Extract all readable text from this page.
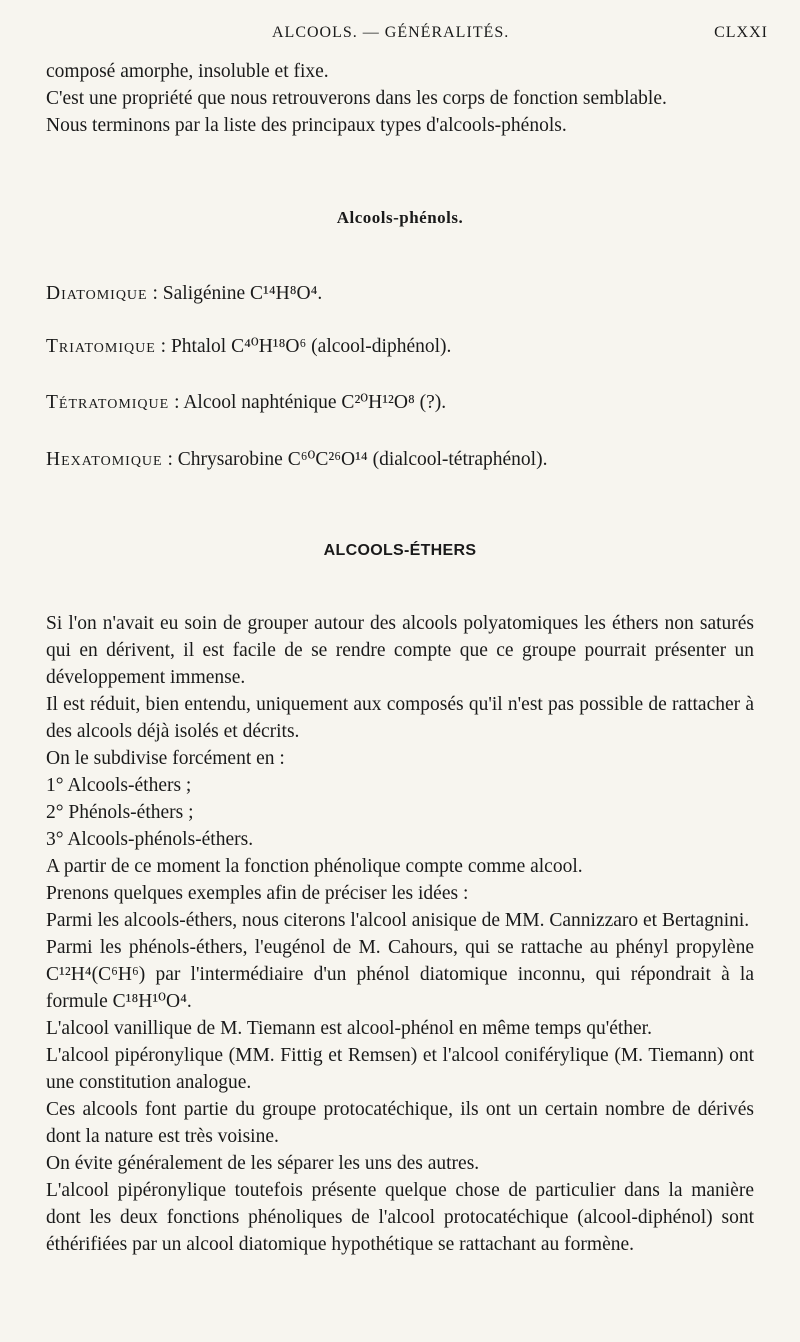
ALCOOLS. — GÉNÉRALITÉS.	CLXXI

composé amorphe, insoluble et fixe.

C'est une propriété que nous retrouverons dans les corps de fonction semblable.

Nous terminons par la liste des principaux types d'alcools-phénols.

Alcools-phénols.
Diatomique : Saligénine C¹⁴H⁸O⁴.
Triatomique : Phtalol C⁴⁰H¹⁸O⁶ (alcool-diphénol).
Tétratomique : Alcool naphténique C²⁰H¹²O⁸ (?).
Hexatomique : Chrysarobine C⁶⁰C²⁶O¹⁴ (dialcool-tétraphénol).
ALCOOLS-ÉTHERS

Si l'on n'avait eu soin de grouper autour des alcools polyatomiques les éthers non saturés qui en dérivent, il est facile de se rendre compte que ce groupe pourrait présenter un développement immense.

Il est réduit, bien entendu, uniquement aux composés qu'il n'est pas possible de rattacher à des alcools déjà isolés et décrits.

On le subdivise forcément en :

1° Alcools-éthers ;

2° Phénols-éthers ;

3° Alcools-phénols-éthers.

A partir de ce moment la fonction phénolique compte comme alcool.

Prenons quelques exemples afin de préciser les idées :

Parmi les alcools-éthers, nous citerons l'alcool anisique de MM. Cannizzaro et Bertagnini.

Parmi les phénols-éthers, l'eugénol de M. Cahours, qui se rattache au phényl propylène C¹²H⁴(C⁶H⁶) par l'intermédiaire d'un phénol diatomique inconnu, qui répondrait à la formule C¹⁸H¹⁰O⁴.

L'alcool vanillique de M. Tiemann est alcool-phénol en même temps qu'éther.

L'alcool pipéronylique (MM. Fittig et Remsen) et l'alcool coniférylique (M. Tiemann) ont une constitution analogue.

Ces alcools font partie du groupe protocatéchique, ils ont un certain nombre de dérivés dont la nature est très voisine.

On évite généralement de les séparer les uns des autres.

L'alcool pipéronylique toutefois présente quelque chose de particulier dans la manière dont les deux fonctions phénoliques de l'alcool protocatéchique (alcool-diphénol) sont éthérifiées par un alcool diatomique hypothétique se rattachant au formène.
